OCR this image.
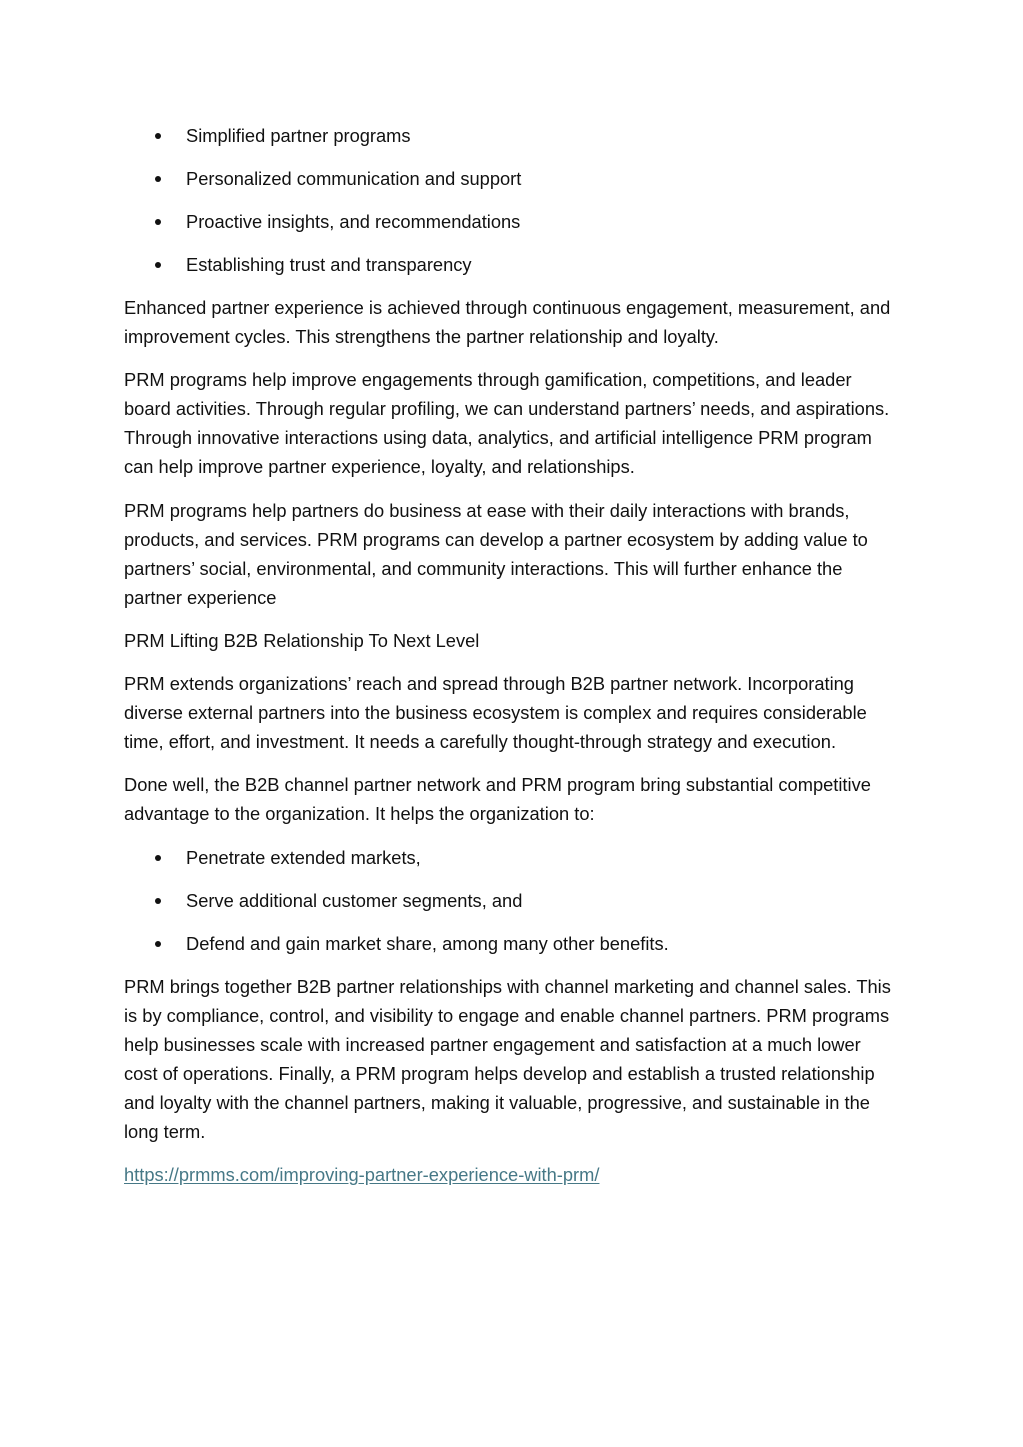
Simplified partner programs
Personalized communication and support
Proactive insights, and recommendations
Establishing trust and transparency

Enhanced partner experience is achieved through continuous engagement, measurement, and improvement cycles. This strengthens the partner relationship and loyalty.

PRM programs help improve engagements through gamification, competitions, and leader board activities. Through regular profiling, we can understand partners’ needs, and aspirations. Through innovative interactions using data, analytics, and artificial intelligence PRM program can help improve partner experience, loyalty, and relationships.

PRM programs help partners do business at ease with their daily interactions with brands, products, and services. PRM programs can develop a partner ecosystem by adding value to partners’ social, environmental, and community interactions. This will further enhance the partner experience

PRM Lifting B2B Relationship To Next Level

PRM extends organizations’ reach and spread through B2B partner network. Incorporating diverse external partners into the business ecosystem is complex and requires considerable time, effort, and investment. It needs a carefully thought-through strategy and execution.

Done well, the B2B channel partner network and PRM program bring substantial competitive advantage to the organization. It helps the organization to:

Penetrate extended markets,
Serve additional customer segments, and
Defend and gain market share, among many other benefits.

PRM brings together B2B partner relationships with channel marketing and channel sales. This is by compliance, control, and visibility to engage and enable channel partners. PRM programs help businesses scale with increased partner engagement and satisfaction at a much lower cost of operations. Finally, a PRM program helps develop and establish a trusted relationship and loyalty with the channel partners, making it valuable, progressive, and sustainable in the long term.

https://prmms.com/improving-partner-experience-with-prm/
